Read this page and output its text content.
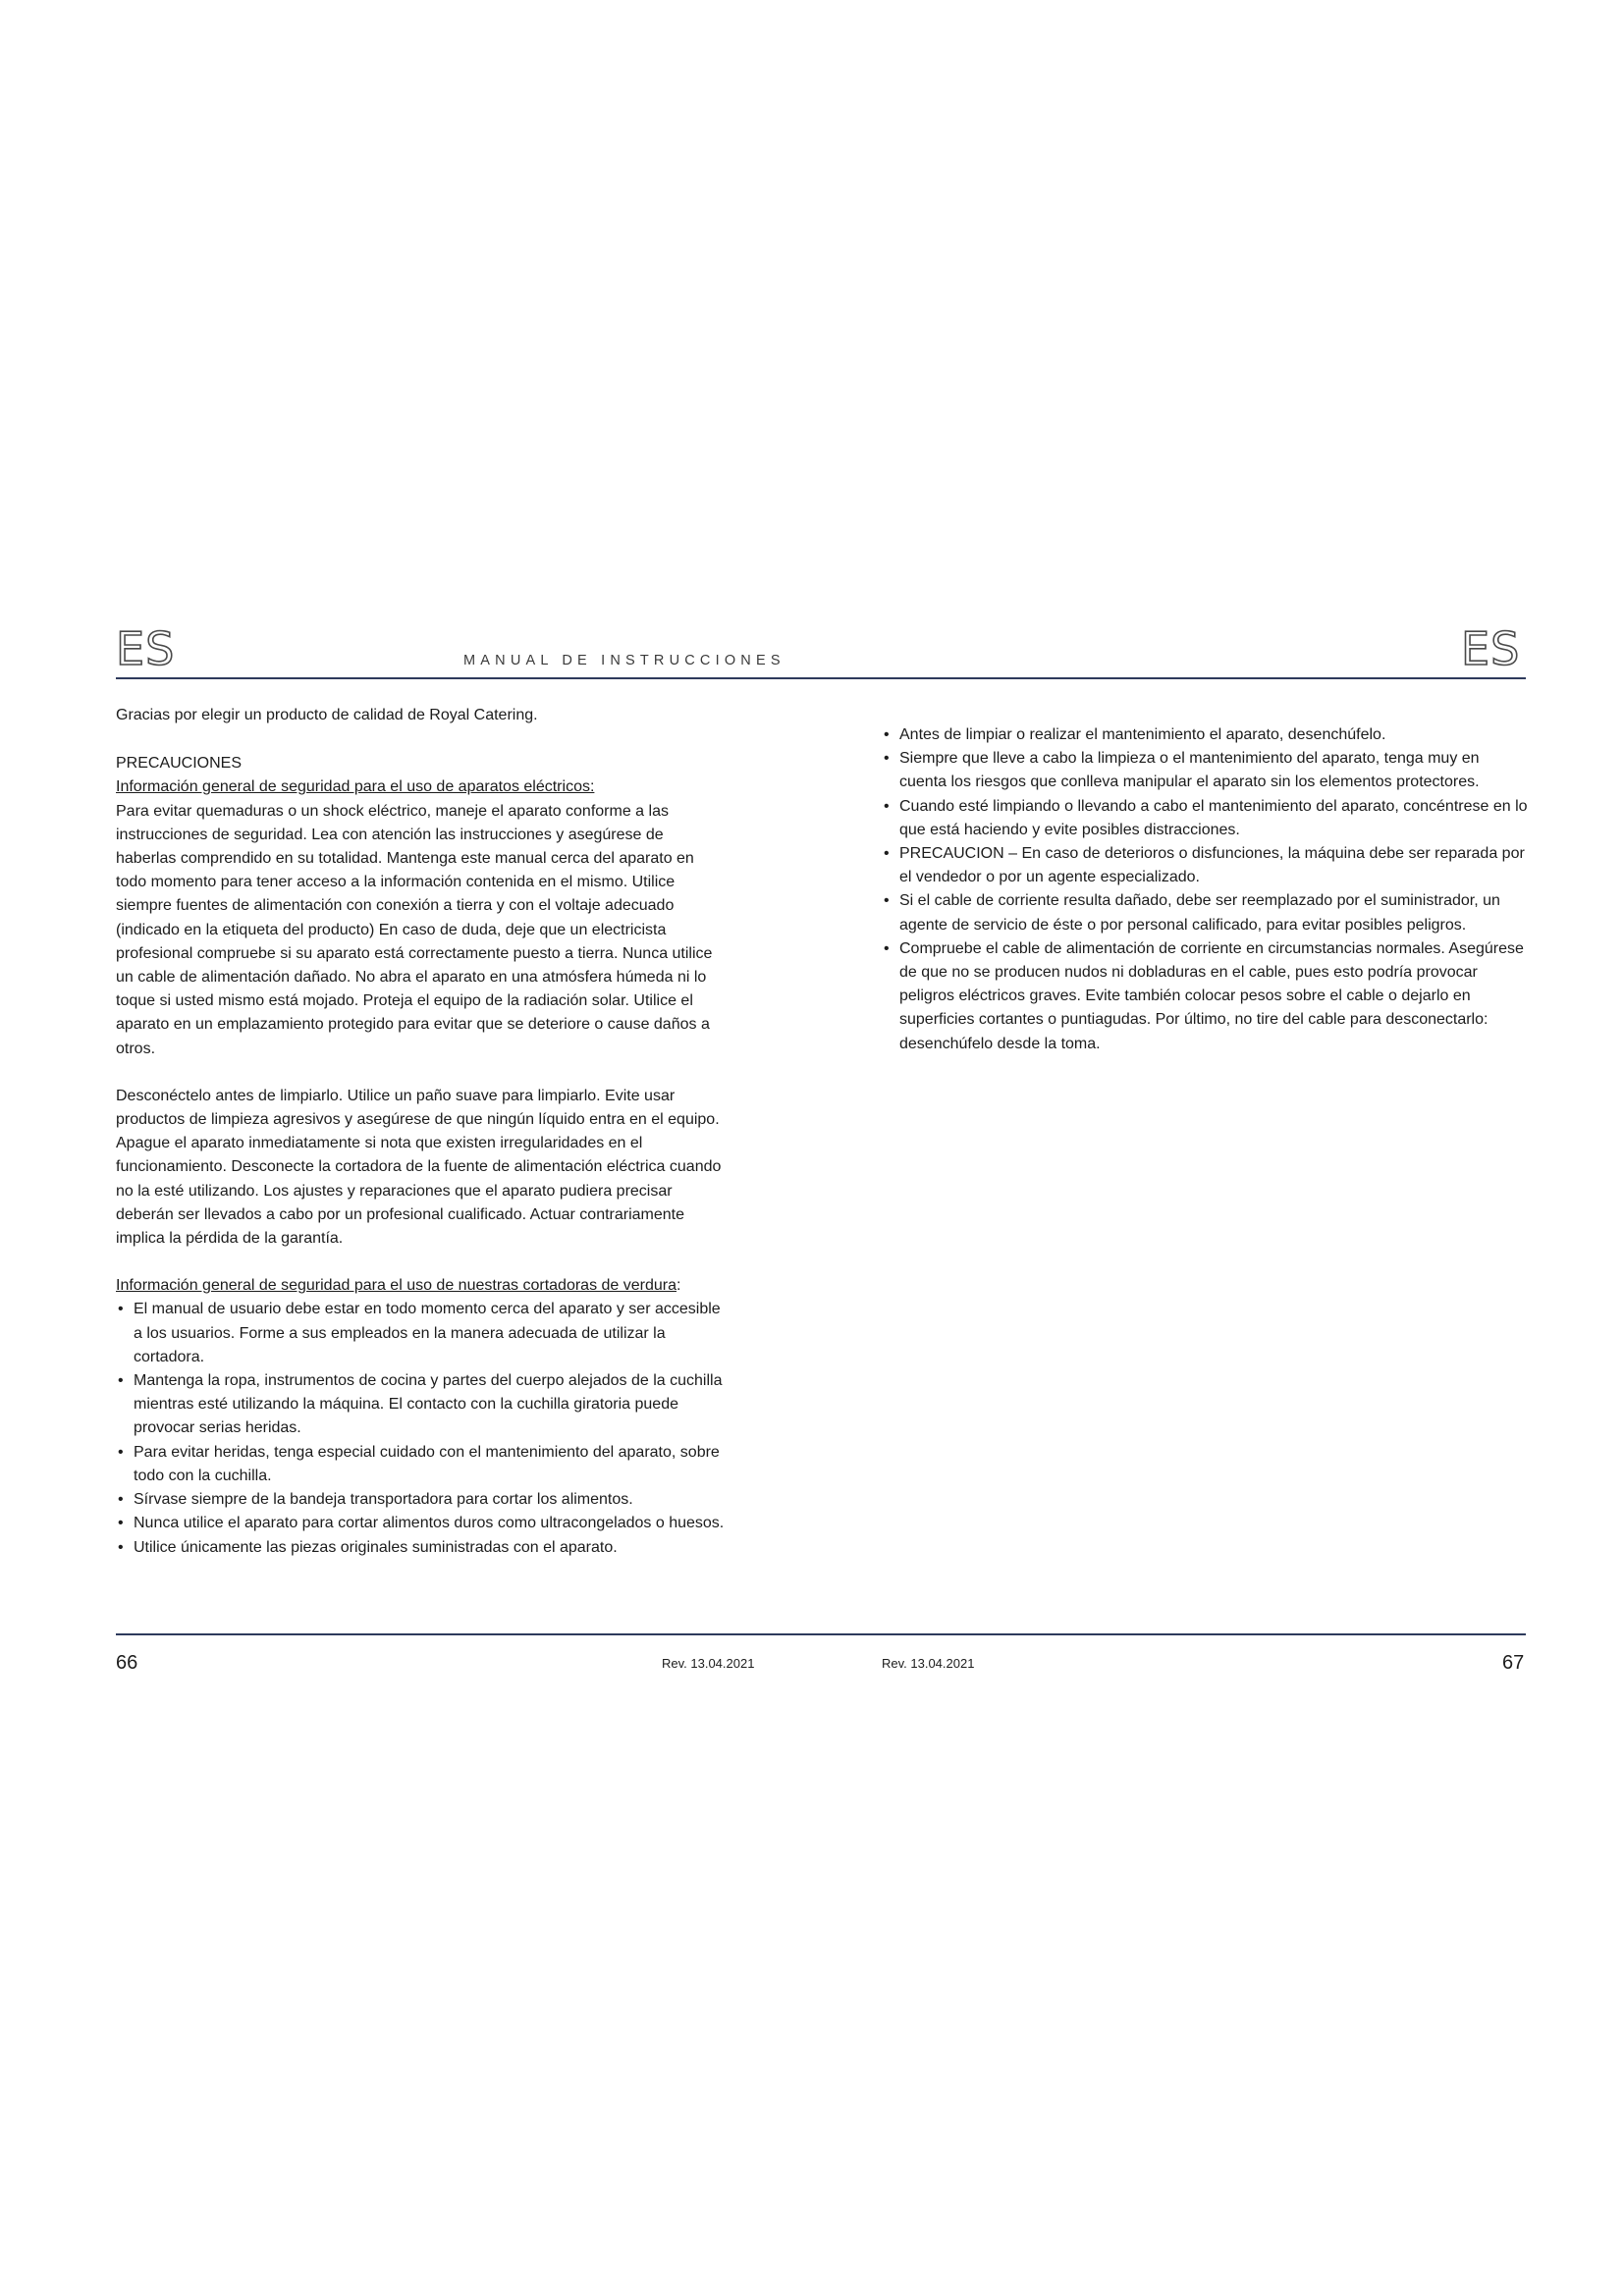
ES	MANUAL DE INSTRUCCIONES	ES

Gracias por elegir un producto de calidad de Royal Catering.

PRECAUCIONES

Información general de seguridad para el uso de aparatos eléctricos:

Para evitar quemaduras o un shock eléctrico, maneje el aparato conforme a las instrucciones de seguridad. Lea con atención las instrucciones y asegúrese de haberlas comprendido en su totalidad. Mantenga este manual cerca del aparato en todo momento para tener acceso a la información contenida en el mismo. Utilice siempre fuentes de alimentación con conexión a tierra y con el voltaje adecuado (indicado en la etiqueta del producto) En caso de duda, deje que un electricista profesional compruebe si su aparato está correctamente puesto a tierra. Nunca utilice un cable de alimentación dañado. No abra el aparato en una atmósfera húmeda ni lo toque si usted mismo está mojado. Proteja el equipo de la radiación solar. Utilice el aparato en un emplazamiento protegido para evitar que se deteriore o cause daños a otros.

Desconéctelo antes de limpiarlo. Utilice un paño suave para limpiarlo. Evite usar productos de limpieza agresivos y asegúrese de que ningún líquido entra en el equipo. Apague el aparato inmediatamente si nota que existen irregularidades en el funcionamiento. Desconecte la cortadora de la fuente de alimentación eléctrica cuando no la esté utilizando. Los ajustes y reparaciones que el aparato pudiera precisar deberán ser llevados a cabo por un profesional cualificado. Actuar contrariamente implica la pérdida de la garantía.

Información general de seguridad para el uso de nuestras cortadoras de verdura:

• El manual de usuario debe estar en todo momento cerca del aparato y ser accesible a los usuarios. Forme a sus empleados en la manera adecuada de utilizar la cortadora.
• Mantenga la ropa, instrumentos de cocina y partes del cuerpo alejados de la cuchilla mientras esté utilizando la máquina. El contacto con la cuchilla giratoria puede provocar serias heridas.
• Para evitar heridas, tenga especial cuidado con el mantenimiento del aparato, sobre todo con la cuchilla.
• Sírvase siempre de la bandeja transportadora para cortar los alimentos.
• Nunca utilice el aparato para cortar alimentos duros como ultracongelados o huesos.
• Utilice únicamente las piezas originales suministradas con el aparato.
• Antes de limpiar o realizar el mantenimiento el aparato, desenchúfelo.
• Siempre que lleve a cabo la limpieza o el mantenimiento del aparato, tenga muy en cuenta los riesgos que conlleva manipular el aparato sin los elementos protectores.
• Cuando esté limpiando o llevando a cabo el mantenimiento del aparato, concéntrese en lo que está haciendo y evite posibles distracciones.
• PRECAUCION – En caso de deterioros o disfunciones, la máquina debe ser reparada por el vendedor o por un agente especializado.
• Si el cable de corriente resulta dañado, debe ser reemplazado por el suministrador, un agente de servicio de éste o por personal calificado, para evitar posibles peligros.
• Compruebe el cable de alimentación de corriente en circumstancias normales. Asegúrese de que no se producen nudos ni dobladuras en el cable, pues esto podría provocar peligros eléctricos graves. Evite también colocar pesos sobre el cable o dejarlo en superficies cortantes o puntiagudas. Por último, no tire del cable para desconectarlo: desenchúfelo desde la toma.
66	Rev. 13.04.2021	Rev. 13.04.2021	67
